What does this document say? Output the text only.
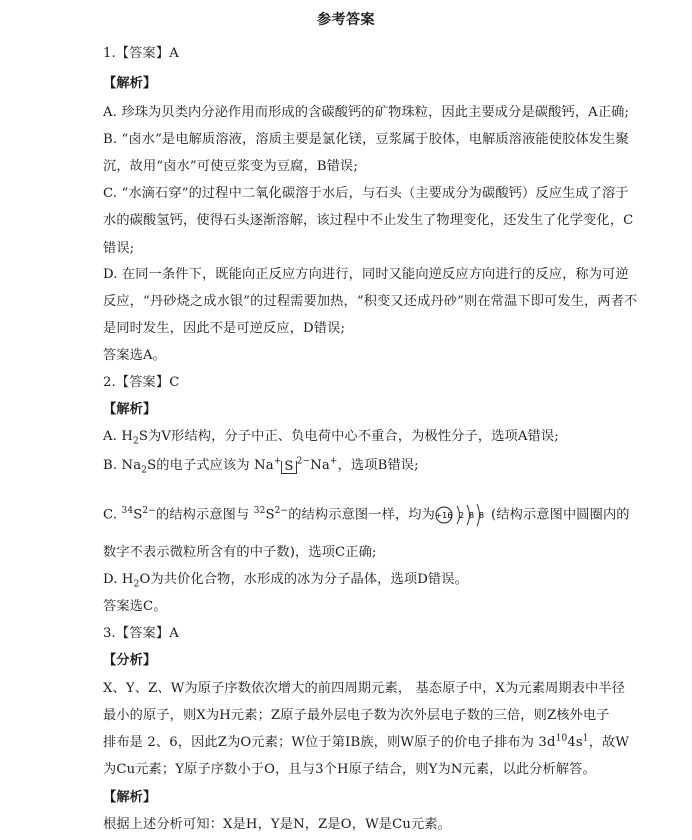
参考答案
1.【答案】A
【解析】
A. 珍珠为贝类内分泌作用而形成的含碳酸钙的矿物珠粒，因此主要成分是碳酸钙，A正确;
B. “卤水”是电解质溶液，溶质主要是氯化镁，豆浆属于胶体，电解质溶液能使胶体发生聚
沉，故用“卤水”可使豆浆变为豆腐，B错误;
C. “水滴石穿”的过程中二氧化碳溶于水后，与石头（主要成分为碳酸钙）反应生成了溶于
水的碳酸氢钙，使得石头逐渐溶解，该过程中不止发生了物理变化，还发生了化学变化，C
错误;
D. 在同一条件下，既能向正反应方向进行，同时又能向逆反应方向进行的反应，称为可逆
反应，“丹砂烧之成水银”的过程需要加热，“积变又还成丹砂”则在常温下即可发生，两者不
是同时发生，因此不是可逆反应，D错误;
答案选A。
2.【答案】C
【解析】
A. $H_2S$为V形结构，分子中正、负电荷中心不重合，为极性分子，选项A错误;
B. $Na_2S$的电子式应该为 Na+ S $^{2-}$Na+，选项B错误;
C. $^{34}S^{2-}$的结构示意图与 $^{32}S^{2-}$的结构示意图一样，均为 +16 2 8 8 (结构示意图中圆圈内的
数字不表示微粒所含有的中子数)，选项C正确;
D. $H_2O$为共价化合物，水形成的冰为分子晶体，选项D错误。
答案选C。
3.【答案】A
【分析】
X、Y、Z、W为原子序数依次增大的前四周期元素， 基态原子中，X为元素周期表中半径
最小的原子，则X为H元素；Z原子最外层电子数为次外层电子数的三倍，则Z核外电子
排布是 2、6，因此Z为O元素；W位于第IB族，则W原子的价电子排布为 $3d^{10}4s^1$，故W
为Cu元素；Y原子序数小于O，且与3个H原子结合，则Y为N元素，以此分析解答。
【解析】
根据上述分析可知：X是H，Y是N，Z是O，W是Cu元素。
